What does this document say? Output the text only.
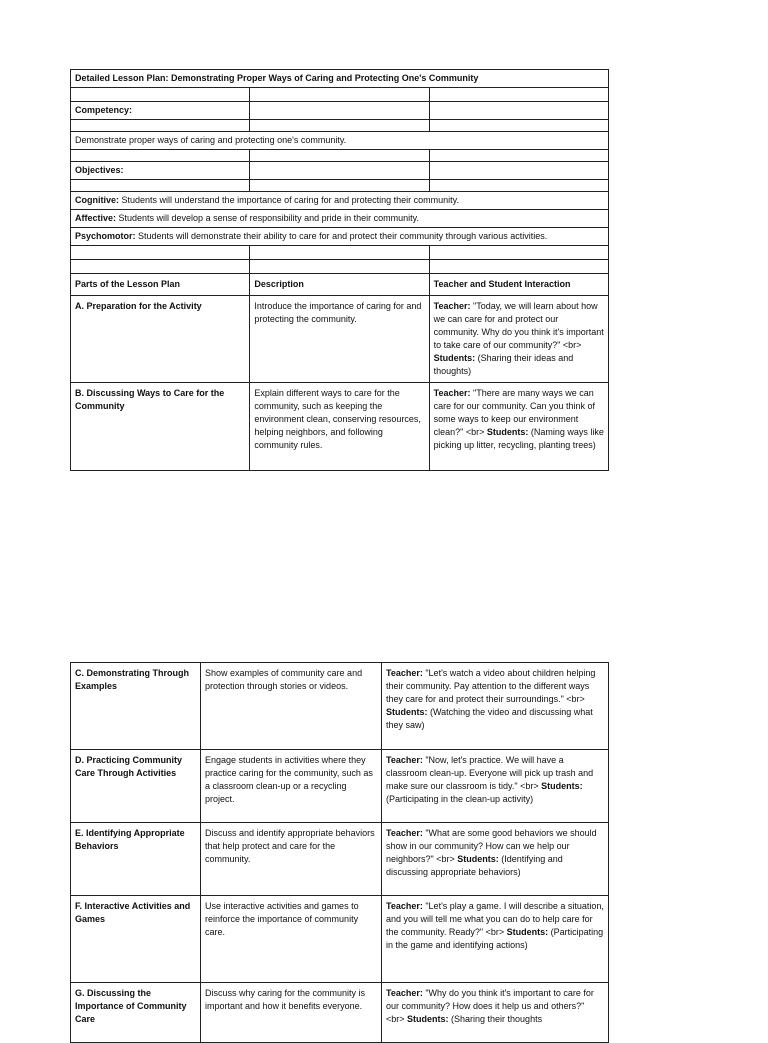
Detailed Lesson Plan: Demonstrating Proper Ways of Caring and Protecting One's Community		

Competency:		

Demonstrate proper ways of caring and protecting one's community.		

Objectives:		

Cognitive: Students will understand the importance of caring for and protecting their community.		
Affective: Students will develop a sense of responsibility and pride in their community.		
Psychomotor: Students will demonstrate their ability to care for and protect their community through various activities.		

Parts of the Lesson Plan	Description	Teacher and Student Interaction
A. Preparation for the Activity	Introduce the importance of caring for and protecting the community.	Teacher: "Today, we will learn about how we can care for and protect our community. Why do you think it's important to take care of our community?" <br> Students: (Sharing their ideas and thoughts)
B. Discussing Ways to Care for the Community	Explain different ways to care for the community, such as keeping the environment clean, conserving resources, helping neighbors, and following community rules.	Teacher: "There are many ways we can care for our community. Can you think of some ways to keep our environment clean?" <br> Students: (Naming ways like picking up litter, recycling, planting trees)
C. Demonstrating Through Examples	Show examples of community care and protection through stories or videos.	Teacher: "Let's watch a video about children helping their community. Pay attention to the different ways they care for and protect their surroundings." <br> Students: (Watching the video and discussing what they saw)
D. Practicing Community Care Through Activities	Engage students in activities where they practice caring for the community, such as a classroom clean-up or a recycling project.	Teacher: "Now, let's practice. We will have a classroom clean-up. Everyone will pick up trash and make sure our classroom is tidy." <br> Students: (Participating in the clean-up activity)
E. Identifying Appropriate Behaviors	Discuss and identify appropriate behaviors that help protect and care for the community.	Teacher: "What are some good behaviors we should show in our community? How can we help our neighbors?" <br> Students: (Identifying and discussing appropriate behaviors)
F. Interactive Activities and Games	Use interactive activities and games to reinforce the importance of community care.	Teacher: "Let's play a game. I will describe a situation, and you will tell me what you can do to help care for the community. Ready?" <br> Students: (Participating in the game and identifying actions)
G. Discussing the Importance of Community Care	Discuss why caring for the community is important and how it benefits everyone.	Teacher: "Why do you think it's important to care for our community? How does it help us and others?" <br> Students: (Sharing their thoughts
